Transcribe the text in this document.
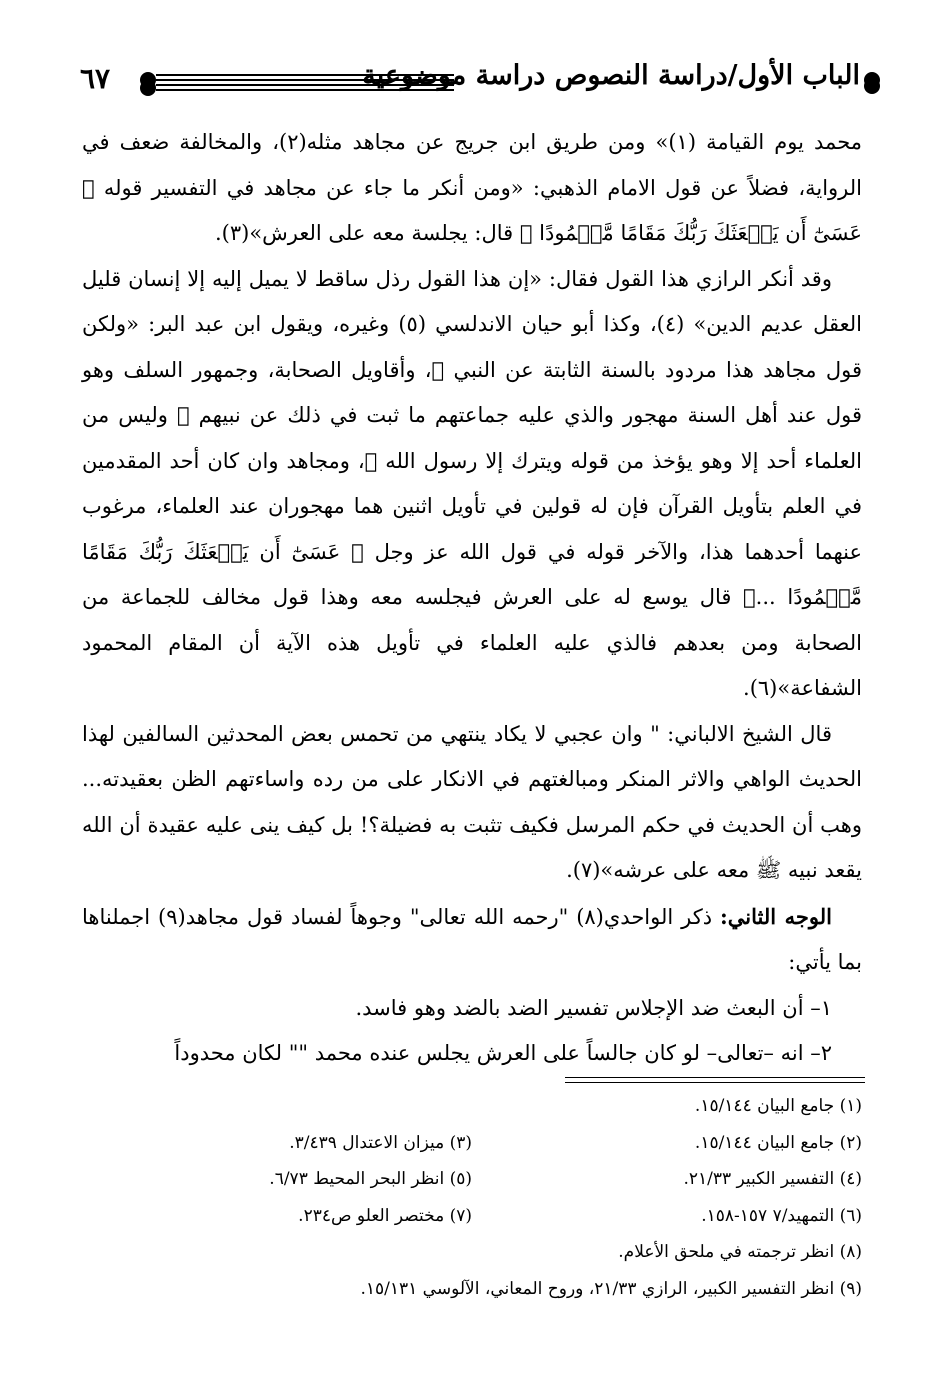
٦٧	الباب الأول/دراسة النصوص دراسة موضوعية

محمد يوم القيامة (١)» ومن طريق ابن جريج عن مجاهد مثله(٢)، والمخالفة ضعف في الرواية، فضلاً عن قول الامام الذهبي: «ومن أنكر ما جاء عن مجاهد في التفسير قوله ﴿ عَسَىٰٓ أَن يَبۡعَثَكَ رَبُّكَ مَقَامًا مَّحۡمُودًا ﴾ قال: يجلسة معه على العرش»(٣).

وقد أنكر الرازي هذا القول فقال: «إن هذا القول رذل ساقط لا يميل إليه إلا إنسان قليل العقل عديم الدين» (٤)، وكذا أبو حيان الاندلسي (٥) وغيره، ويقول ابن عبد البر: «ولكن قول مجاهد هذا مردود بالسنة الثابتة عن النبي ﷺ، وأقاويل الصحابة، وجمهور السلف وهو قول عند أهل السنة مهجور والذي عليه جماعتهم ما ثبت في ذلك عن نبيهم ﷺ وليس من العلماء أحد إلا وهو يؤخذ من قوله ويترك إلا رسول الله ﷺ، ومجاهد وان كان أحد المقدمين في العلم بتأويل القرآن فإن له قولين في تأويل اثنين هما مهجوران عند العلماء، مرغوب عنهما أحدهما هذا، والآخر قوله في قول الله عز وجل ﴿ عَسَىٰٓ أَن يَبۡعَثَكَ رَبُّكَ مَقَامًا مَّحۡمُودًا ...﴾ قال يوسع له على العرش فيجلسه معه وهذا قول مخالف للجماعة من الصحابة ومن بعدهم فالذي عليه العلماء في تأويل هذه الآية أن المقام المحمود الشفاعة»(٦).

قال الشيخ الالباني: " وان عجبي لا يكاد ينتهي من تحمس بعض المحدثين السالفين لهذا الحديث الواهي والاثر المنكر ومبالغتهم في الانكار على من رده واساءتهم الظن بعقيدته... وهب أن الحديث في حكم المرسل فكيف تثبت به فضيلة؟! بل كيف ينى عليه عقيدة أن الله يقعد نبيه ﷺ معه على عرشه»(٧).

الوجه الثاني: ذكر الواحدي(٨) "رحمه الله تعالى" وجوهاً لفساد قول مجاهد(٩) اجملناها بما يأتي:

١– أن البعث ضد الإجلاس تفسير الضد بالضد وهو فاسد.

٢– انه –تعالى– لو كان جالساً على العرش يجلس عنده محمد "" لكان محدوداً

(١) جامع البيان ١٥/١٤٤.
(٢) جامع البيان ١٥/١٤٤.
(٣) ميزان الاعتدال ٣/٤٣٩.
(٤) التفسير الكبير ٢١/٣٣.
(٥) انظر البحر المحيط ٦/٧٣.
(٦) التمهيد/٧ ١٥٧-١٥٨.
(٧) مختصر العلو ص٢٣٤.
(٨) انظر ترجمته في ملحق الأعلام.
(٩) انظر التفسير الكبير، الرازي ٢١/٣٣، وروح المعاني، الآلوسي ١٥/١٣١.
